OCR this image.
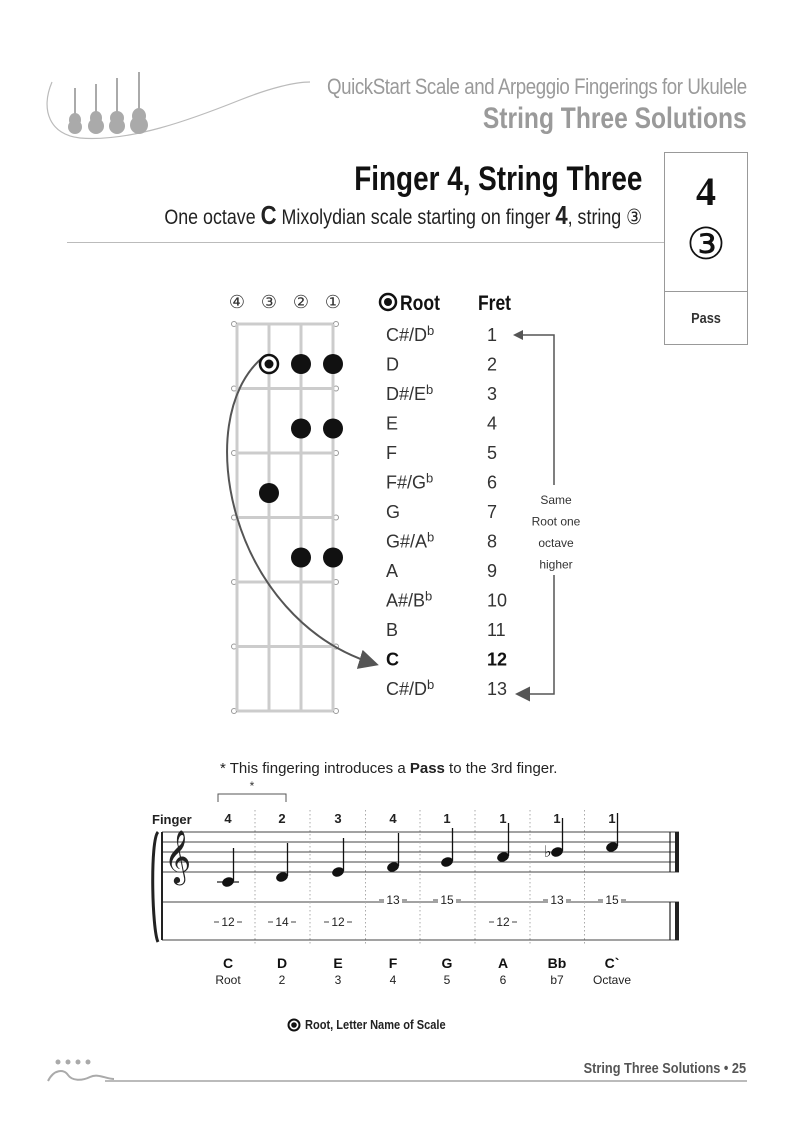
QuickStart Scale and Arpeggio Fingerings for Ukulele
String Three Solutions
Finger 4, String Three
One octave C Mixolydian scale starting on finger 4, string ③
4
③
Pass
④ ③ ② ①	Root Fret
$C\#/D^b$	1
D	2
$D\#/E^b$	3
E	4
F	5
$F\#/G^b$	6
G	7
$G\#/A^b$	8
A	9
$A\#/B^b$	10
B	11
C	12
$C\#/D^b$	13
Same
Root one
octave
higher
* This fingering introduces a Pass to the 3rd finger.
Finger
*
𝄞
4
12
C
Root
2
14
D
2
3
12
E
3
4
13
F
4
1
15
G
5
1
12
A
6
1
♭
13
Bb
b7
1
15
C`
Octave
Root, Letter Name of Scale
String Three Solutions • 25
